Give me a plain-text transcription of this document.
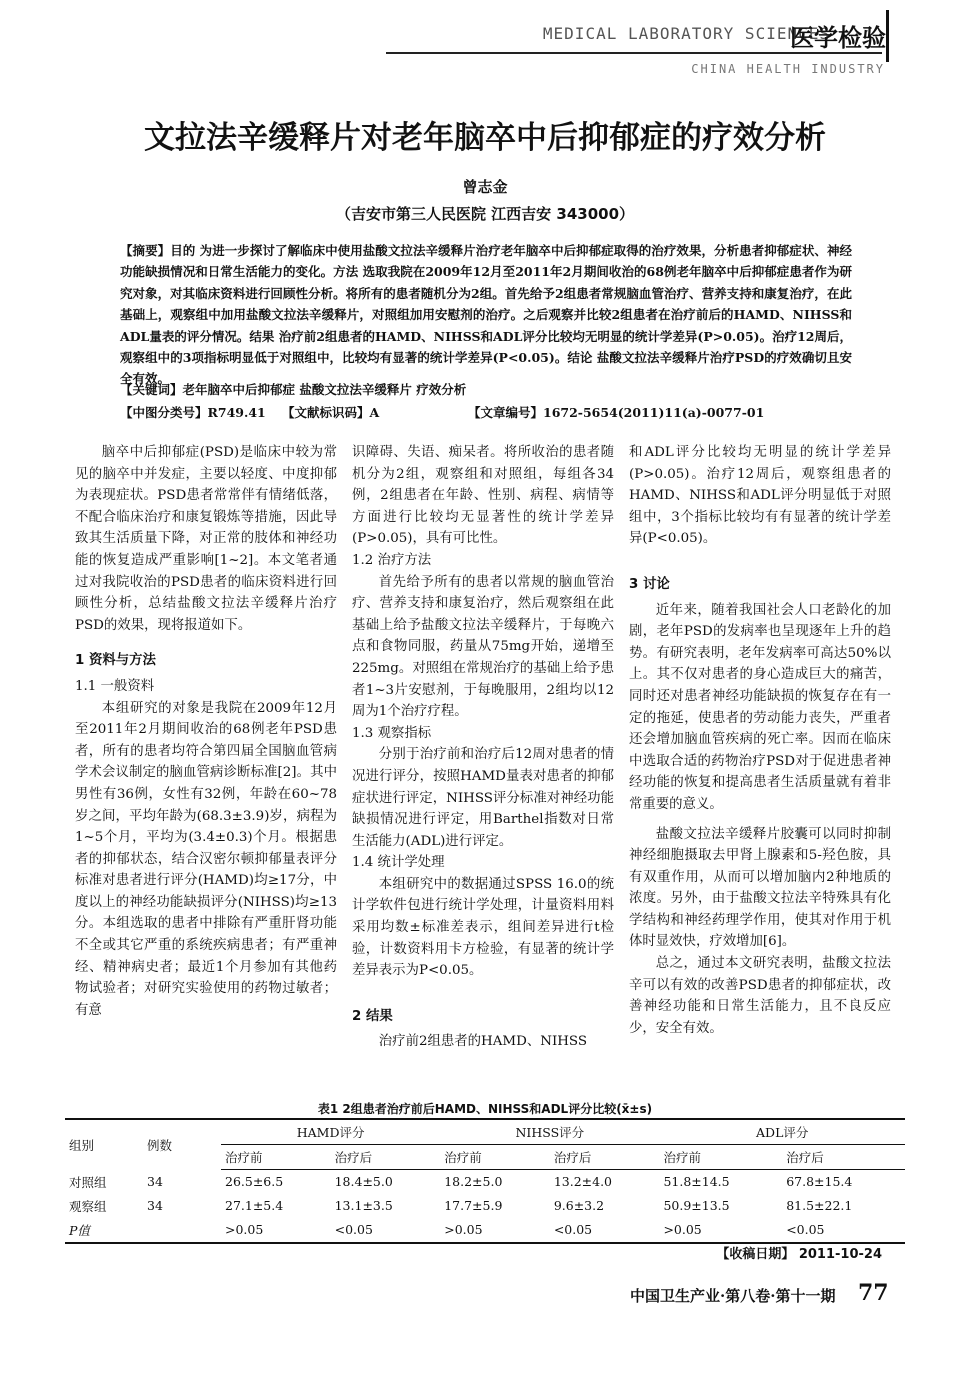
MEDICAL LABORATORY SCIENCES
医学检验
CHINA HEALTH INDUSTRY
文拉法辛缓释片对老年脑卒中后抑郁症的疗效分析
曾志金
（吉安市第三人民医院 江西吉安 343000）
【摘要】目的 为进一步探讨了解临床中使用盐酸文拉法辛缓释片治疗老年脑卒中后抑郁症取得的治疗效果，分析患者抑郁症状、神经功能缺损情况和日常生活能力的变化。方法 选取我院在2009年12月至2011年2月期间收治的68例老年脑卒中后抑郁症患者作为研究对象，对其临床资料进行回顾性分析。将所有的患者随机分为2组。首先给予2组患者常规脑血管治疗、营养支持和康复治疗，在此基础上，观察组中加用盐酸文拉法辛缓释片，对照组加用安慰剂的治疗。之后观察并比较2组患者在治疗前后的HAMD、NIHSS和ADL量表的评分情况。结果 治疗前2组患者的HAMD、NIHSS和ADL评分比较均无明显的统计学差异(P>0.05)。治疗12周后，观察组中的3项指标明显低于对照组中，比较均有显著的统计学差异(P<0.05)。结论 盐酸文拉法辛缓释片治疗PSD的疗效确切且安全有效。
【关键词】老年脑卒中后抑郁症 盐酸文拉法辛缓释片 疗效分析
【中图分类号】R749.41 【文献标识码】A	【文章编号】1672-5654(2011)11(a)-0077-01

脑卒中后抑郁症(PSD)是临床中较为常见的脑卒中并发症，主要以轻度、中度抑郁为表现症状。PSD患者常常伴有情绪低落，不配合临床治疗和康复锻炼等措施，因此导致其生活质量下降，对正常的肢体和神经功能的恢复造成严重影响[1~2]。本文笔者通过对我院收治的PSD患者的临床资料进行回顾性分析，总结盐酸文拉法辛缓释片治疗PSD的效果，现将报道如下。

1 资料与方法
1.1 一般资料

本组研究的对象是我院在2009年12月至2011年2月期间收治的68例老年PSD患者，所有的患者均符合第四届全国脑血管病学术会议制定的脑血管病诊断标准[2]。其中男性有36例，女性有32例，年龄在60~78岁之间，平均年龄为(68.3±3.9)岁，病程为1~5个月，平均为(3.4±0.3)个月。根据患者的抑郁状态，结合汉密尔顿抑郁量表评分标准对患者进行评分(HAMD)均≥17分，中度以上的神经功能缺损评分(NIHSS)均≥13分。本组选取的患者中排除有严重肝肾功能不全或其它严重的系统疾病患者；有严重神经、精神病史者；最近1个月参加有其他药物试验者；对研究实验使用的药物过敏者；有意

识障碍、失语、痴呆者。将所收治的患者随机分为2组，观察组和对照组，每组各34例，2组患者在年龄、性别、病程、病情等方面进行比较均无显著性的统计学差异(P>0.05)，具有可比性。

1.2 治疗方法

首先给予所有的患者以常规的脑血管治疗、营养支持和康复治疗，然后观察组在此基础上给予盐酸文拉法辛缓释片，于每晚六点和食物同服，药量从75mg开始，递增至225mg。对照组在常规治疗的基础上给予患者1~3片安慰剂，于每晚服用，2组均以12周为1个治疗疗程。

1.3 观察指标

分别于治疗前和治疗后12周对患者的情况进行评分，按照HAMD量表对患者的抑郁症状进行评定，NIHSS评分标准对神经功能缺损情况进行评定，用Barthel指数对日常生活能力(ADL)进行评定。

1.4 统计学处理

本组研究中的数据通过SPSS 16.0的统计学软件包进行统计学处理，计量资料用料采用均数±标准差表示，组间差异进行t检验，计数资料用卡方检验，有显著的统计学差异表示为P<0.05。

2 结果

治疗前2组患者的HAMD、NIHSS

和ADL评分比较均无明显的统计学差异(P>0.05)。治疗12周后，观察组患者的HAMD、NIHSS和ADL评分明显低于对照组中，3个指标比较均有有显著的统计学差异(P<0.05)。

3 讨论

近年来，随着我国社会人口老龄化的加剧，老年PSD的发病率也呈现逐年上升的趋势。有研究表明，老年发病率可高达50%以上。其不仅对患者的身心造成巨大的痛苦，同时还对患者神经功能缺损的恢复存在有一定的拖延，使患者的劳动能力丧失，严重者还会增加脑血管疾病的死亡率。因而在临床中选取合适的药物治疗PSD对于促进患者神经功能的恢复和提高患者生活质量就有着非常重要的意义。

盐酸文拉法辛缓释片胶囊可以同时抑制神经细胞摄取去甲肾上腺素和5-羟色胺，具有双重作用，从而可以增加脑内2种地质的浓度。另外，由于盐酸文拉法辛特殊具有化学结构和神经药理学作用，使其对作用于机体时显效快，疗效增加[6]。

总之，通过本文研究表明，盐酸文拉法辛可以有效的改善PSD患者的抑郁症状，改善神经功能和日常生活能力，且不良反应少，安全有效。

表1 2组患者治疗前后HAMD、NIHSS和ADL评分比较(x̄±s)
组别	例数	HAMD评分		NIHSS评分		ADL评分	
		治疗前	治疗后	治疗前	治疗后	治疗前	治疗后
对照组	34	26.5±6.5	18.4±5.0	18.2±5.0	13.2±4.0	51.8±14.5	67.8±15.4
观察组	34	27.1±5.4	13.1±3.5	17.7±5.9	9.6±3.2	50.9±13.5	81.5±22.1
P值		>0.05	<0.05	>0.05	<0.05	>0.05	<0.05
【收稿日期】 2011-10-24
中国卫生产业·第八卷·第十一期 77
